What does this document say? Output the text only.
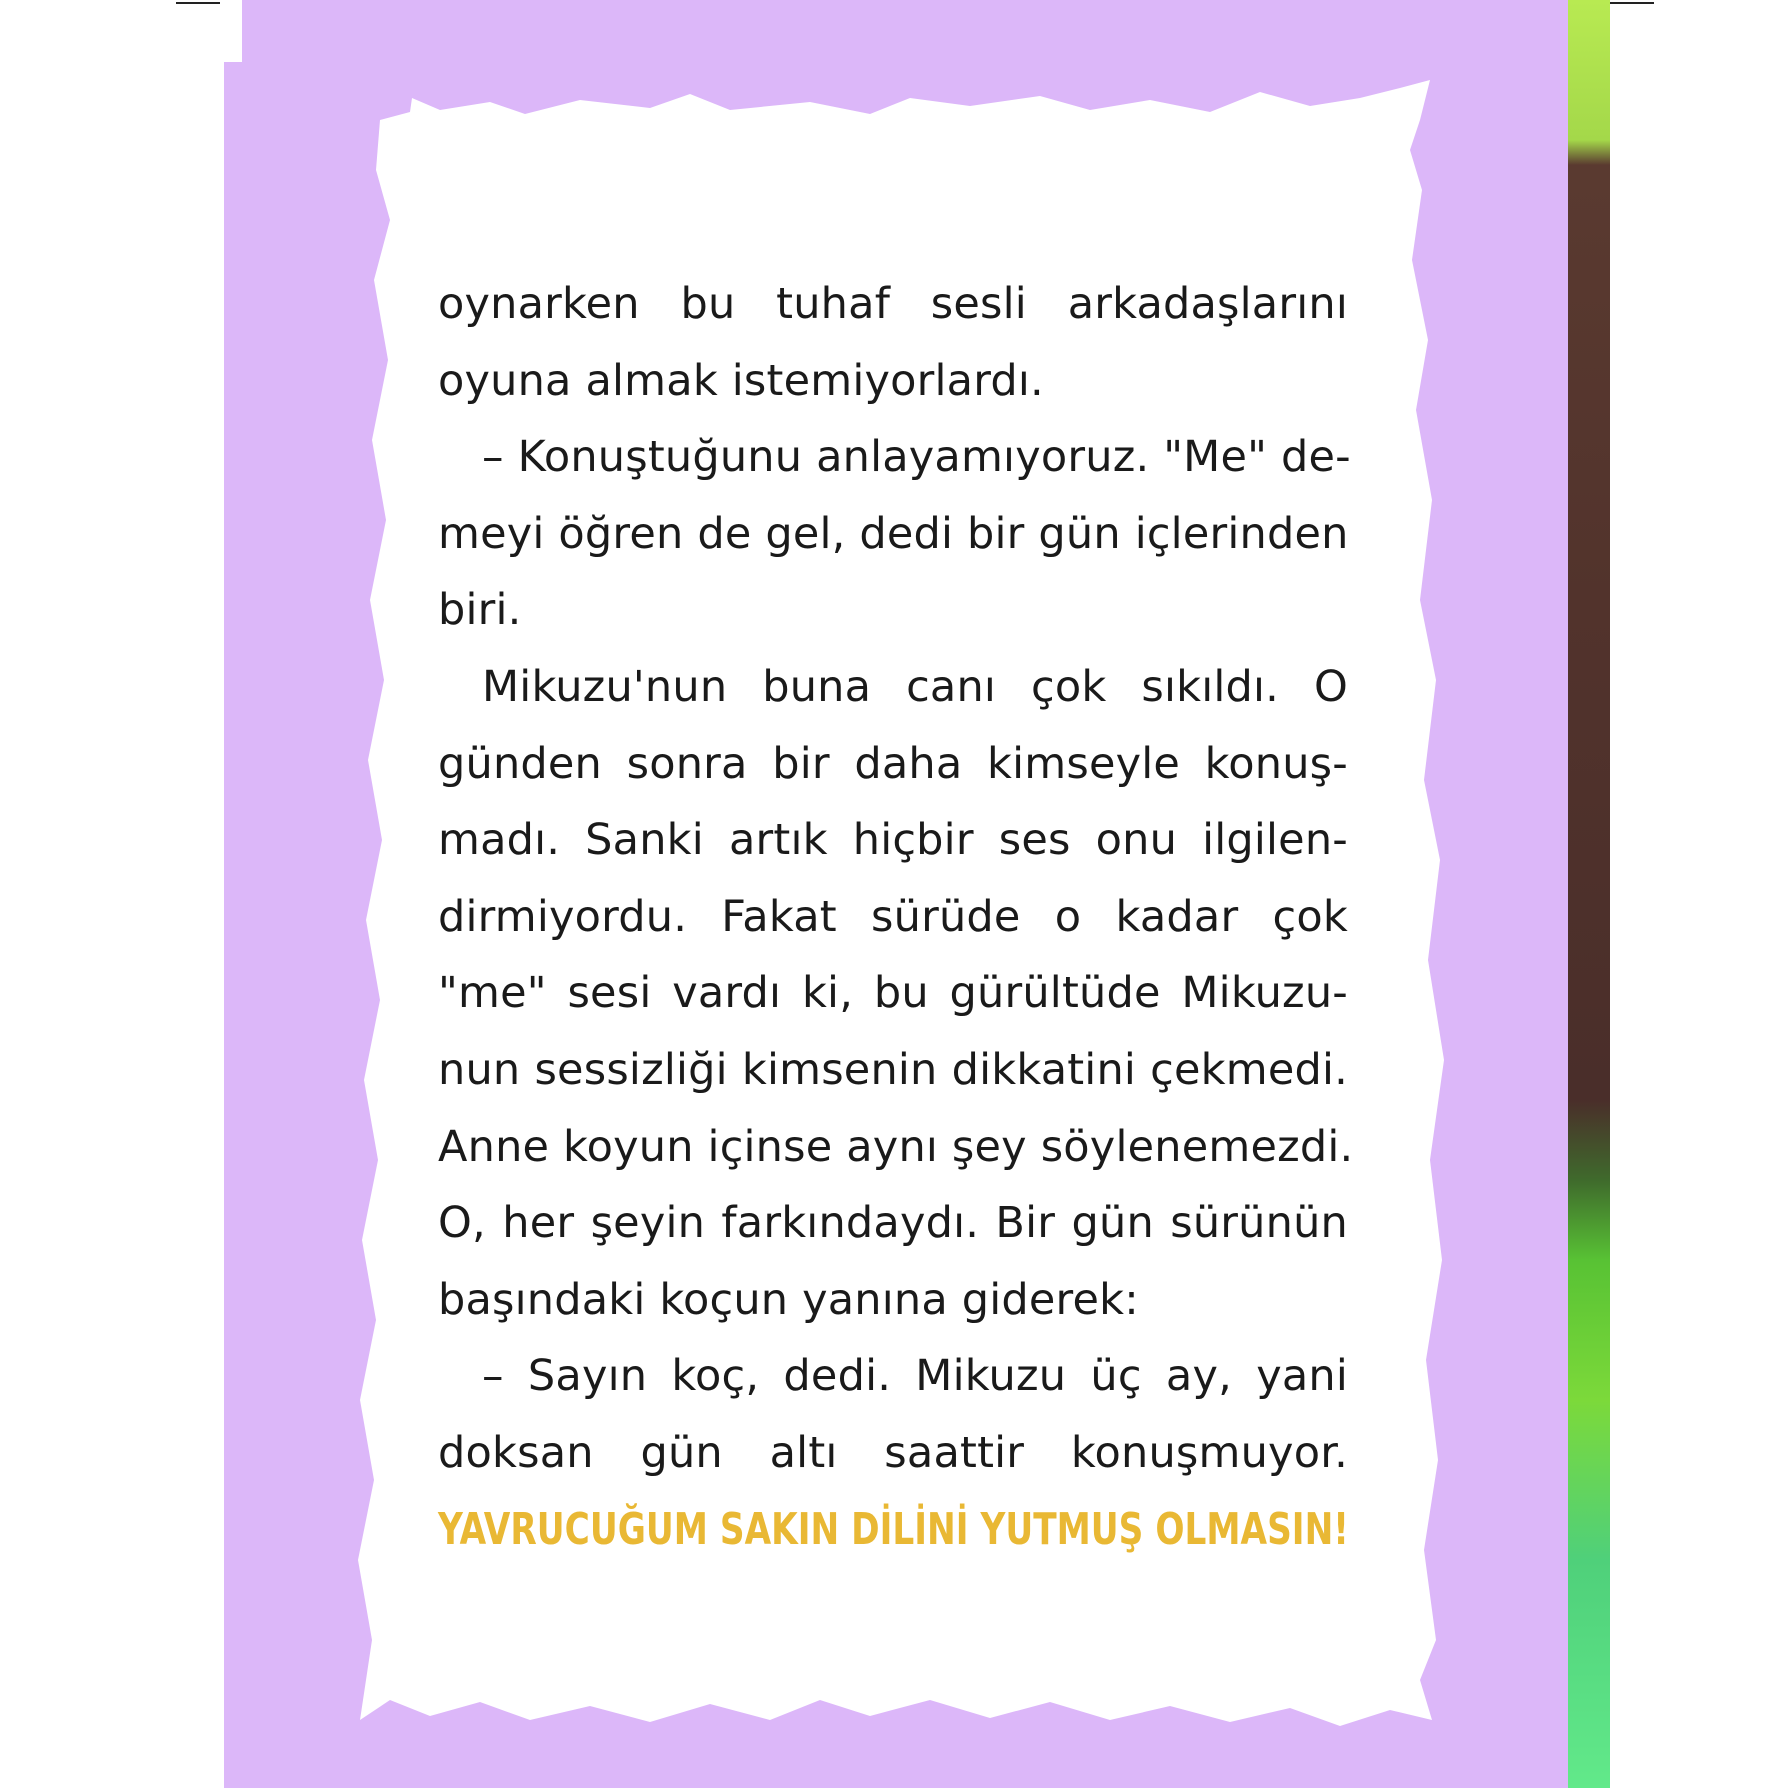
oynarken bu tuhaf sesli arkadaşlarını
oyuna almak istemiyorlardı.
– Konuştuğunu anlayamıyoruz. "Me" de-
meyi öğren de gel, dedi bir gün içlerinden
biri.
Mikuzu'nun buna canı çok sıkıldı. O
günden sonra bir daha kimseyle konuş-
madı. Sanki artık hiçbir ses onu ilgilen-
dirmiyordu. Fakat sürüde o kadar çok
"me" sesi vardı ki, bu gürültüde Mikuzu-
nun sessizliği kimsenin dikkatini çekmedi.
Anne koyun içinse aynı şey söylenemezdi.
O, her şeyin farkındaydı. Bir gün sürünün
başındaki koçun yanına giderek:
– Sayın koç, dedi. Mikuzu üç ay, yani
doksan gün altı saattir konuşmuyor.
YAVRUCUĞUM SAKIN DİLİNİ YUTMUŞ OLMASIN!
